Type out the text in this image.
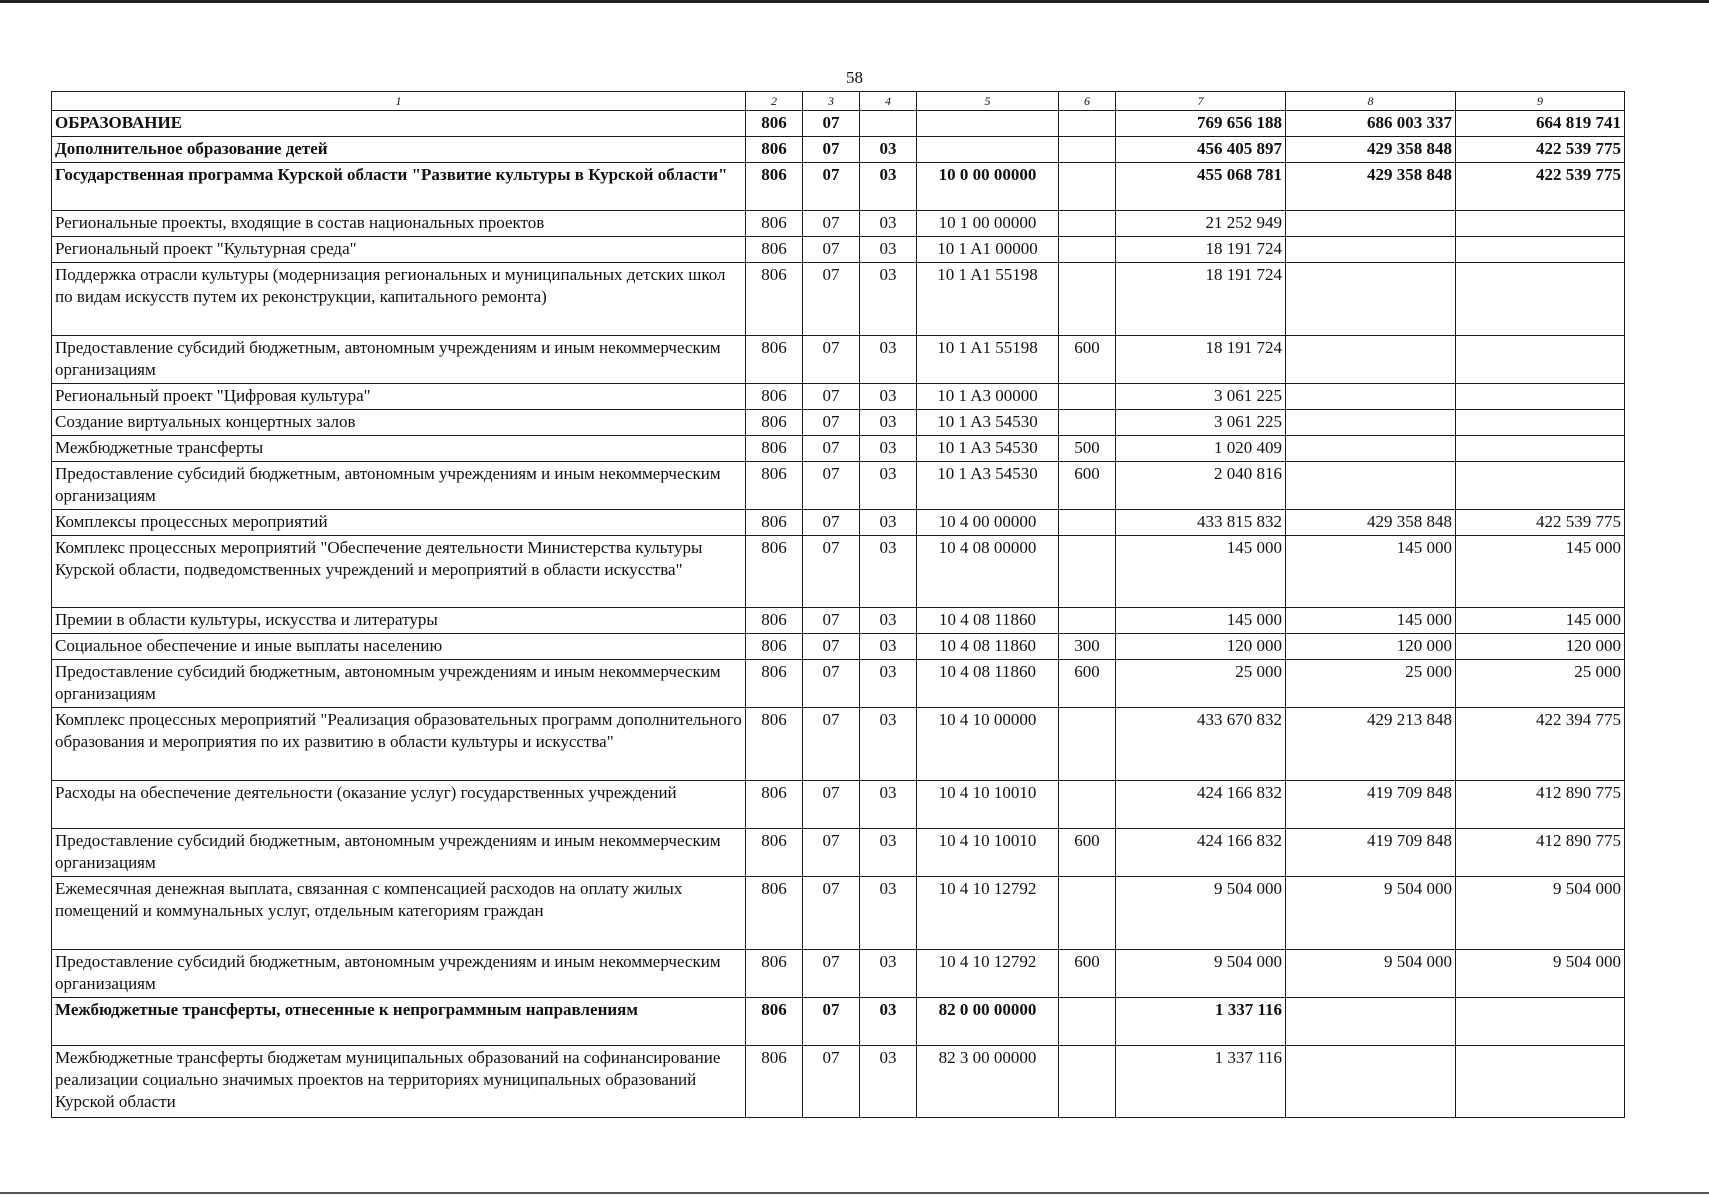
58
1	2	3	4	5	6	7	8	9
ОБРАЗОВАНИЕ	806	07				769 656 188	686 003 337	664 819 741
Дополнительное образование детей	806	07	03			456 405 897	429 358 848	422 539 775
Государственная программа Курской области "Развитие культуры в Курской области"	806	07	03	10 0 00 00000		455 068 781	429 358 848	422 539 775
Региональные проекты, входящие в состав национальных проектов	806	07	03	10 1 00 00000		21 252 949		
Региональный проект "Культурная среда"	806	07	03	10 1 A1 00000		18 191 724		
Поддержка отрасли культуры (модернизация региональных и муниципальных детских школ по видам искусств путем их реконструкции, капитального ремонта)	806	07	03	10 1 A1 55198		18 191 724		
Предоставление субсидий бюджетным, автономным учреждениям и иным некоммерческим организациям	806	07	03	10 1 A1 55198	600	18 191 724		
Региональный проект "Цифровая культура"	806	07	03	10 1 A3 00000		3 061 225		
Создание виртуальных концертных залов	806	07	03	10 1 A3 54530		3 061 225		
Межбюджетные трансферты	806	07	03	10 1 A3 54530	500	1 020 409		
Предоставление субсидий бюджетным, автономным учреждениям и иным некоммерческим организациям	806	07	03	10 1 A3 54530	600	2 040 816		
Комплексы процессных мероприятий	806	07	03	10 4 00 00000		433 815 832	429 358 848	422 539 775
Комплекс процессных мероприятий "Обеспечение деятельности Министерства культуры Курской области, подведомственных учреждений и мероприятий в области искусства"	806	07	03	10 4 08 00000		145 000	145 000	145 000
Премии в области культуры, искусства и литературы	806	07	03	10 4 08 11860		145 000	145 000	145 000
Социальное обеспечение и иные выплаты населению	806	07	03	10 4 08 11860	300	120 000	120 000	120 000
Предоставление субсидий бюджетным, автономным учреждениям и иным некоммерческим организациям	806	07	03	10 4 08 11860	600	25 000	25 000	25 000
Комплекс процессных мероприятий "Реализация образовательных программ дополнительного образования и мероприятия по их развитию в области культуры и искусства"	806	07	03	10 4 10 00000		433 670 832	429 213 848	422 394 775
Расходы на обеспечение деятельности (оказание услуг) государственных учреждений	806	07	03	10 4 10 10010		424 166 832	419 709 848	412 890 775
Предоставление субсидий бюджетным, автономным учреждениям и иным некоммерческим организациям	806	07	03	10 4 10 10010	600	424 166 832	419 709 848	412 890 775
Ежемесячная денежная выплата, связанная с компенсацией расходов на оплату жилых помещений и коммунальных услуг, отдельным категориям граждан	806	07	03	10 4 10 12792		9 504 000	9 504 000	9 504 000
Предоставление субсидий бюджетным, автономным учреждениям и иным некоммерческим организациям	806	07	03	10 4 10 12792	600	9 504 000	9 504 000	9 504 000
Межбюджетные трансферты, отнесенные к непрограммным направлениям	806	07	03	82 0 00 00000		1 337 116		
Межбюджетные трансферты бюджетам муниципальных образований на софинансирование реализации социально значимых проектов на территориях муниципальных образований Курской области	806	07	03	82 3 00 00000		1 337 116		
